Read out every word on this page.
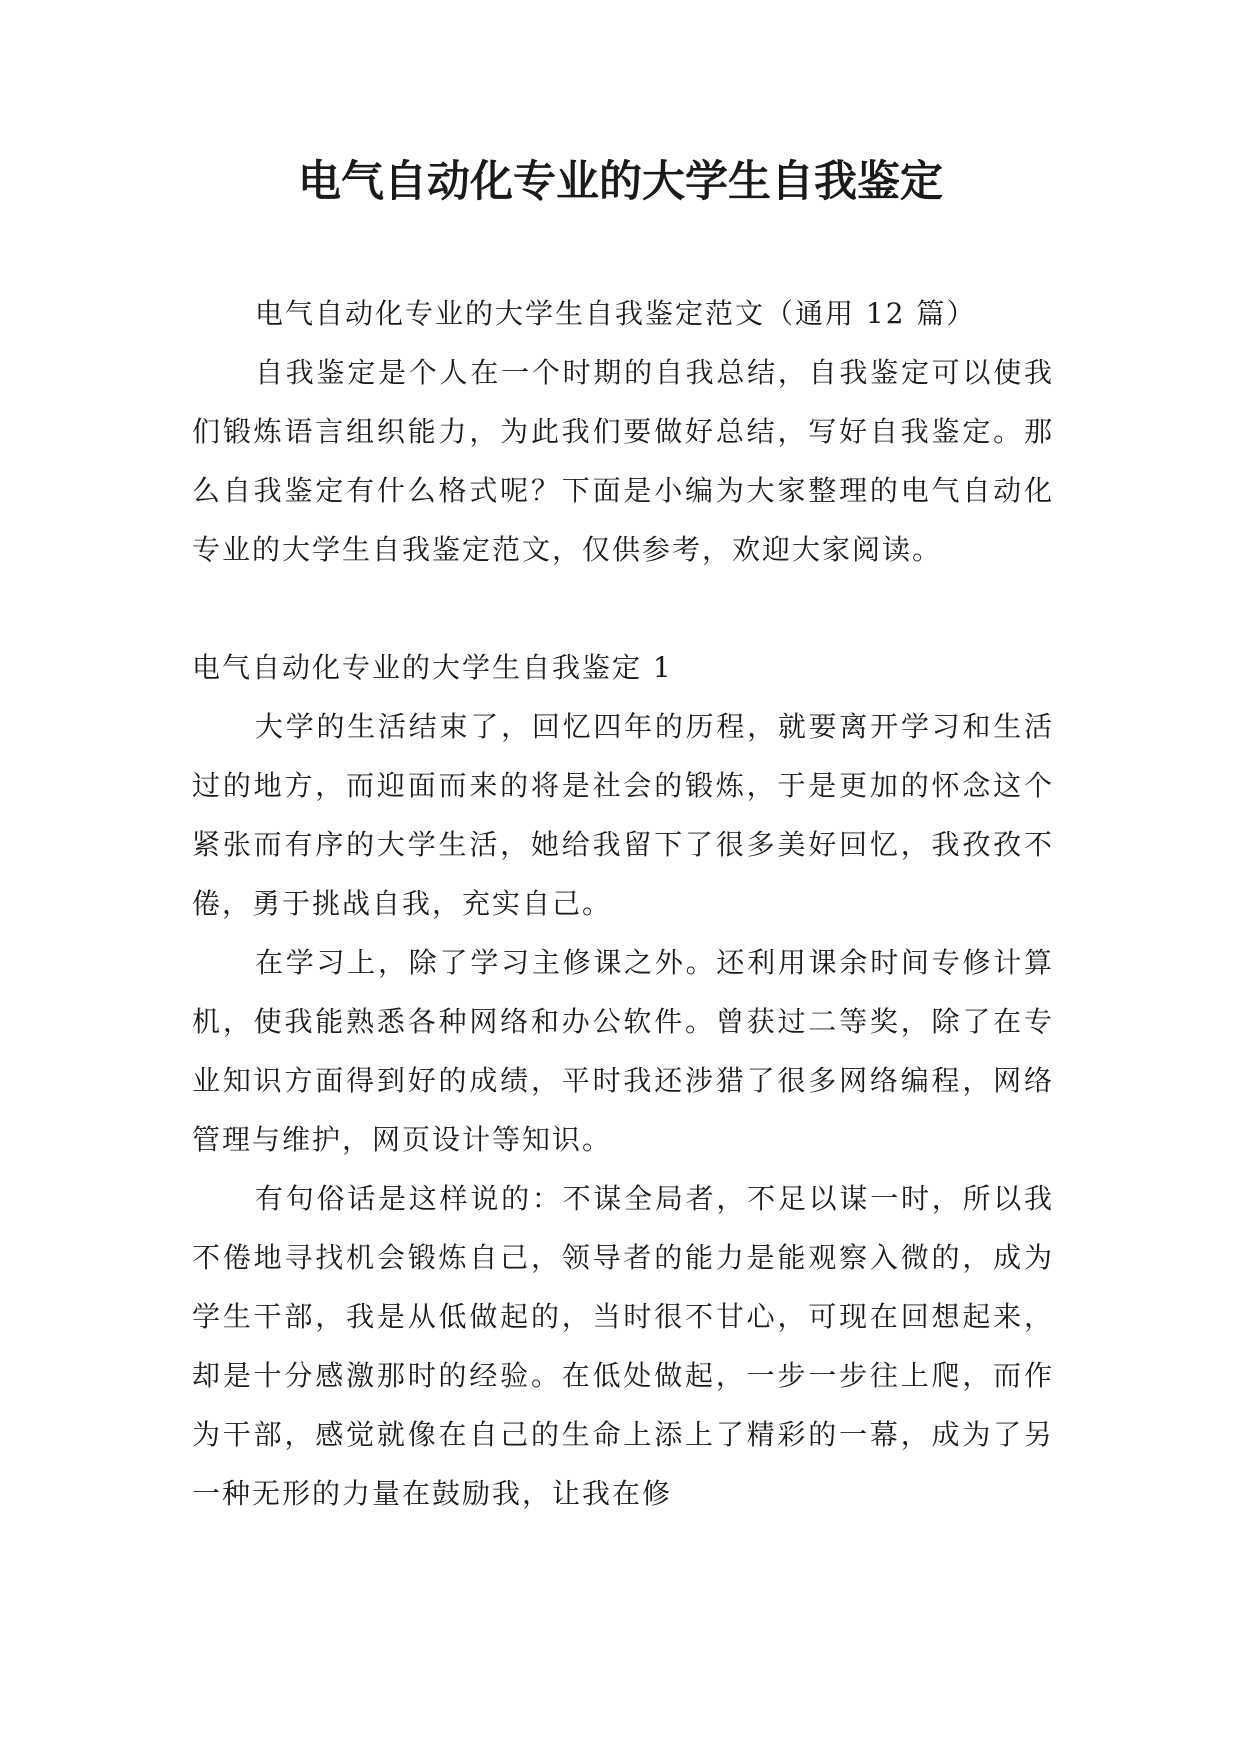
电气自动化专业的大学生自我鉴定

电气自动化专业的大学生自我鉴定范文（通用 12 篇）

自我鉴定是个人在一个时期的自我总结，自我鉴定可以使我们锻炼语言组织能力，为此我们要做好总结，写好自我鉴定。那么自我鉴定有什么格式呢？下面是小编为大家整理的电气自动化专业的大学生自我鉴定范文，仅供参考，欢迎大家阅读。

电气自动化专业的大学生自我鉴定 1

大学的生活结束了，回忆四年的历程，就要离开学习和生活过的地方，而迎面而来的将是社会的锻炼，于是更加的怀念这个紧张而有序的大学生活，她给我留下了很多美好回忆，我孜孜不倦，勇于挑战自我，充实自己。

在学习上，除了学习主修课之外。还利用课余时间专修计算机，使我能熟悉各种网络和办公软件。曾获过二等奖，除了在专业知识方面得到好的成绩，平时我还涉猎了很多网络编程，网络管理与维护，网页设计等知识。

有句俗话是这样说的：不谋全局者，不足以谋一时，所以我不倦地寻找机会锻炼自己，领导者的能力是能观察入微的，成为学生干部，我是从低做起的，当时很不甘心，可现在回想起来，却是十分感激那时的经验。在低处做起，一步一步往上爬，而作为干部，感觉就像在自己的生命上添上了精彩的一幕，成为了另一种无形的力量在鼓励我，让我在修
